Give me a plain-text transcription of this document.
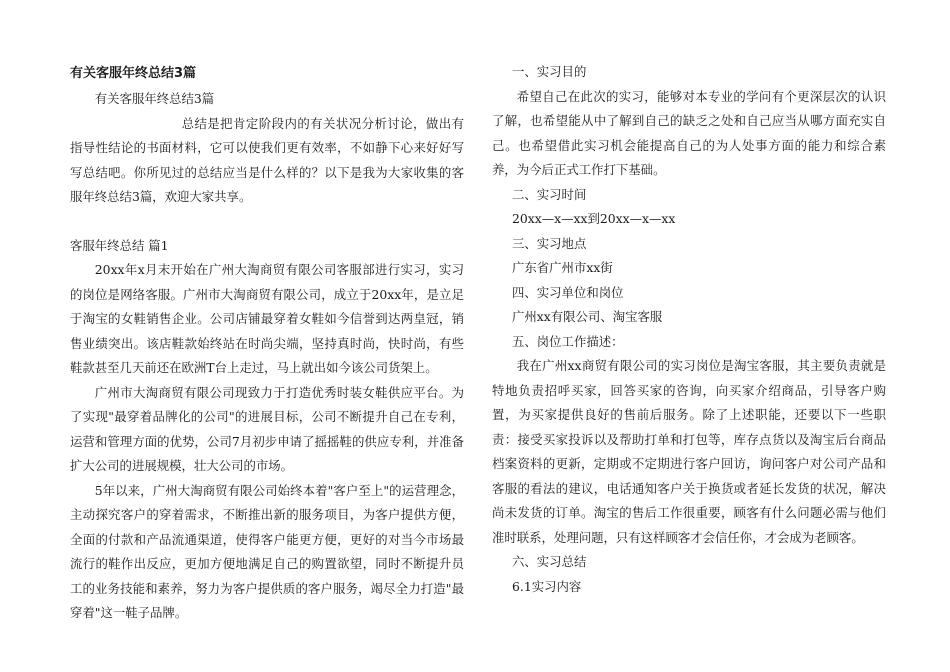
有关客服年终总结3篇

有关客服年终总结3篇

总结是把肯定阶段内的有关状况分析讨论，做出有指导性结论的书面材料，它可以使我们更有效率，不如静下心来好好写写总结吧。你所见过的总结应当是什么样的？以下是我为大家收集的客服年终总结3篇，欢迎大家共享。

客服年终总结 篇1

20xx年x月末开始在广州大淘商贸有限公司客服部进行实习，实习的岗位是网络客服。广州市大淘商贸有限公司，成立于20xx年，是立足于淘宝的女鞋销售企业。公司店铺最穿着女鞋如今信誉到达两皇冠，销售业绩突出。该店鞋款始终站在时尚尖端，坚持真时尚，快时尚，有些鞋款甚至几天前还在欧洲T台上走过，马上就出如今该公司货架上。

广州市大淘商贸有限公司现致力于打造优秀时装女鞋供应平台。为了实现"最穿着品牌化的公司"的进展目标，公司不断提升自己在专利，运营和管理方面的优势，公司7月初步申请了摇摇鞋的供应专利，并准备扩大公司的进展规模，壮大公司的市场。

5年以来，广州大淘商贸有限公司始终本着"客户至上"的运营理念，主动探究客户的穿着需求，不断推出新的服务项目，为客户提供方便，全面的付款和产品流通渠道，使得客户能更方便，更好的对当今市场最流行的鞋作出反应，更加方便地满足自己的购置欲望，同时不断提升员工的业务技能和素养，努力为客户提供质的客户服务，竭尽全力打造"最穿着"这一鞋子品牌。

一、实习目的

希望自己在此次的实习，能够对本专业的学问有个更深层次的认识了解，也希望能从中了解到自己的缺乏之处和自己应当从哪方面充实自己。也希望借此实习机会能提高自己的为人处事方面的能力和综合素养，为今后正式工作打下基础。

二、实习时间

20xx—x—xx到20xx—x—xx

三、实习地点

广东省广州市xx街

四、实习单位和岗位

广州xx有限公司、淘宝客服

五、岗位工作描述：

我在广州xx商贸有限公司的实习岗位是淘宝客服，其主要负责就是特地负责招呼买家，回答买家的咨询，向买家介绍商品，引导客户购置，为买家提供良好的售前后服务。除了上述职能，还要以下一些职责：接受买家投诉以及帮助打单和打包等，库存点货以及淘宝后台商品档案资料的更新，定期或不定期进行客户回访，询问客户对公司产品和客服的看法的建议，电话通知客户关于换货或者延长发货的状况，解决尚未发货的订单。淘宝的售后工作很重要，顾客有什么问题必需与他们准时联系，处理问题，只有这样顾客才会信任你，才会成为老顾客。

六、实习总结

6.1实习内容
